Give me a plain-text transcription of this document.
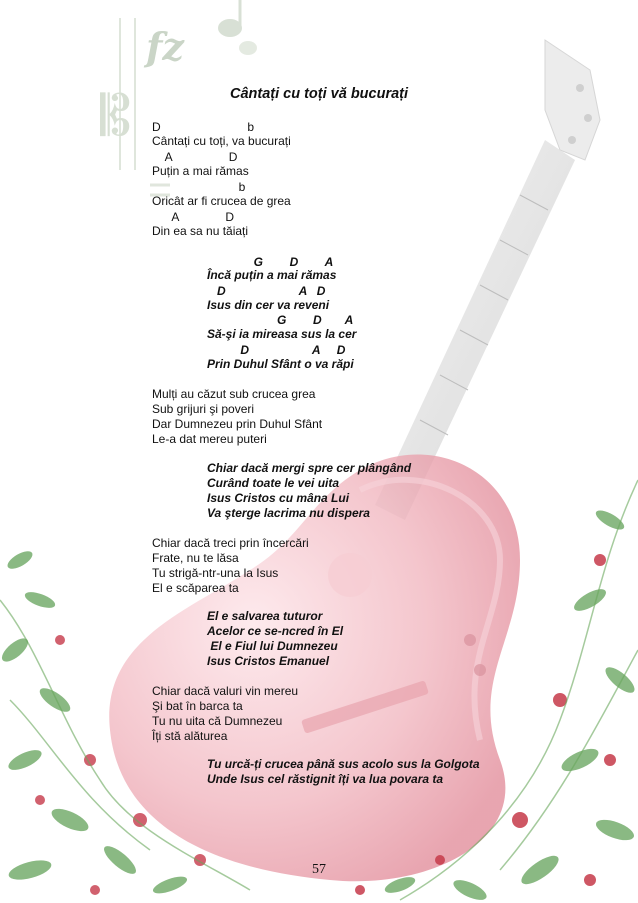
fz
𝄡	Cântați cu toți vă bucurați
D                          b
Cântați cu toți, va bucurați
A                 D
Puțin a mai rămas
b
Oricât ar fi crucea de grea
A              D
Din ea sa nu tăiați
G        D        A
Încă puțin a mai rămas
D                      A   D
Isus din cer va reveni
G        D       A
Să-şi ia mireasa sus la cer
D                   A     D
Prin Duhul Sfânt o va răpi
Mulți au căzut sub crucea grea
Sub grijuri şi poveri
Dar Dumnezeu prin Duhul Sfânt
Le-a dat mereu puteri
Chiar dacă mergi spre cer plângând
Curând toate le vei uita
Isus Cristos cu mâna Lui
Va şterge lacrima nu dispera
Chiar dacă treci prin încercări
Frate, nu te lăsa
Tu strigă-ntr-una la Isus
El e scăparea ta
El e salvarea tuturor
Acelor ce se-ncred în El
El e Fiul lui Dumnezeu
Isus Cristos Emanuel
Chiar dacă valuri vin mereu
Şi bat în barca ta
Tu nu uita că Dumnezeu
Îți stă alăturea
Tu urcă-ți crucea până sus acolo sus la Golgota
Unde Isus cel răstignit îți va lua povara ta
57
